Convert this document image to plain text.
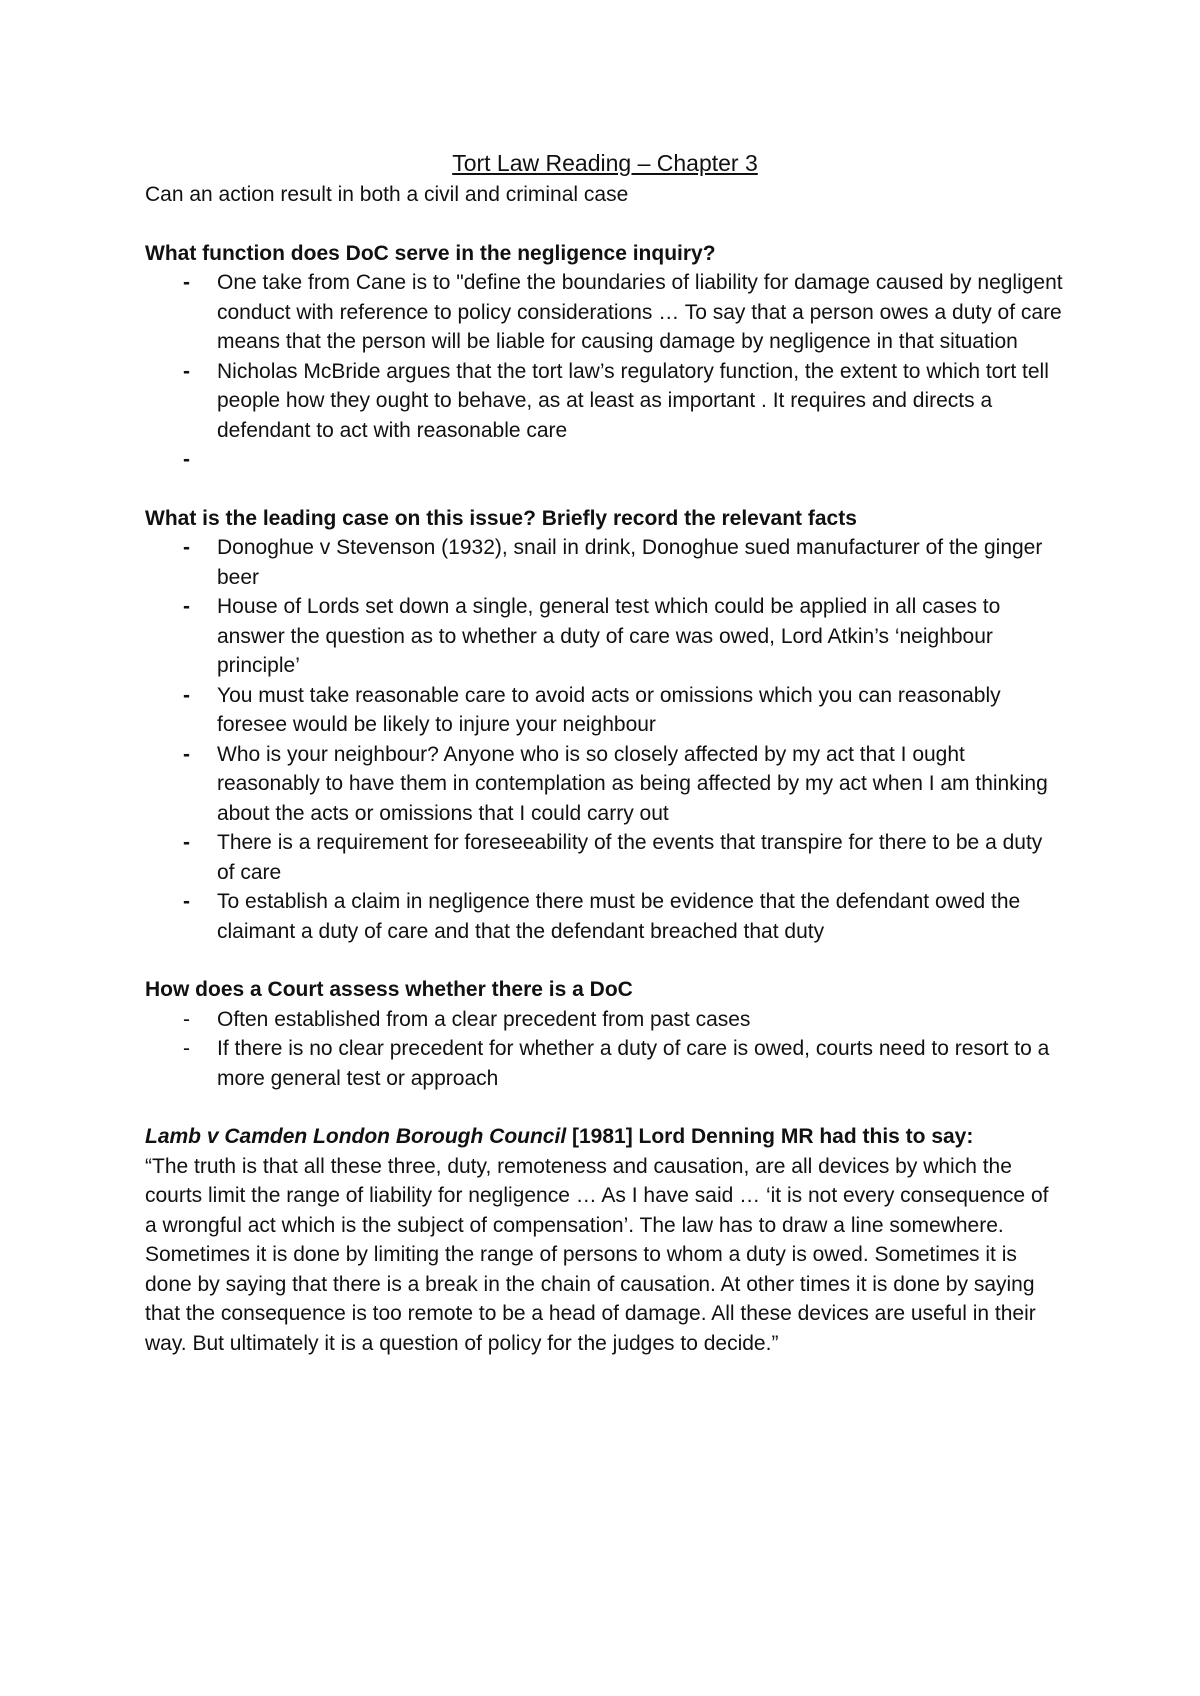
Tort Law Reading – Chapter 3

Can an action result in both a civil and criminal case

What function does DoC serve in the negligence inquiry?

-	One take from Cane is to "define the boundaries of liability for damage caused by negligent conduct with reference to policy considerations … To say that a person owes a duty of care means that the person will be liable for causing damage by negligence in that situation
-	Nicholas McBride argues that the tort law’s regulatory function, the extent to which tort tell people how they ought to behave, as at least as important . It requires and directs a defendant to act with reasonable care
-

What is the leading case on this issue? Briefly record the relevant facts

-	Donoghue v Stevenson (1932), snail in drink, Donoghue sued manufacturer of the ginger beer
-	House of Lords set down a single, general test which could be applied in all cases to answer the question as to whether a duty of care was owed, Lord Atkin’s ‘neighbour principle’
-	You must take reasonable care to avoid acts or omissions which you can reasonably foresee would be likely to injure your neighbour
-	Who is your neighbour? Anyone who is so closely affected by my act that I ought reasonably to have them in contemplation as being affected by my act when I am thinking about the acts or omissions that I could carry out
-	There is a requirement for foreseeability of the events that transpire for there to be a duty of care
-	To establish a claim in negligence there must be evidence that the defendant owed the claimant a duty of care and that the defendant breached that duty

How does a Court assess whether there is a DoC

-	Often established from a clear precedent from past cases
-	If there is no clear precedent for whether a duty of care is owed, courts need to resort to a more general test or approach

Lamb v Camden London Borough Council [1981] Lord Denning MR had this to say:

“The truth is that all these three, duty, remoteness and causation, are all devices by which the courts limit the range of liability for negligence … As I have said … ‘it is not every consequence of a wrongful act which is the subject of compensation’. The law has to draw a line somewhere. Sometimes it is done by limiting the range of persons to whom a duty is owed. Sometimes it is done by saying that there is a break in the chain of causation. At other times it is done by saying that the consequence is too remote to be a head of damage. All these devices are useful in their way. But ultimately it is a question of policy for the judges to decide.”
